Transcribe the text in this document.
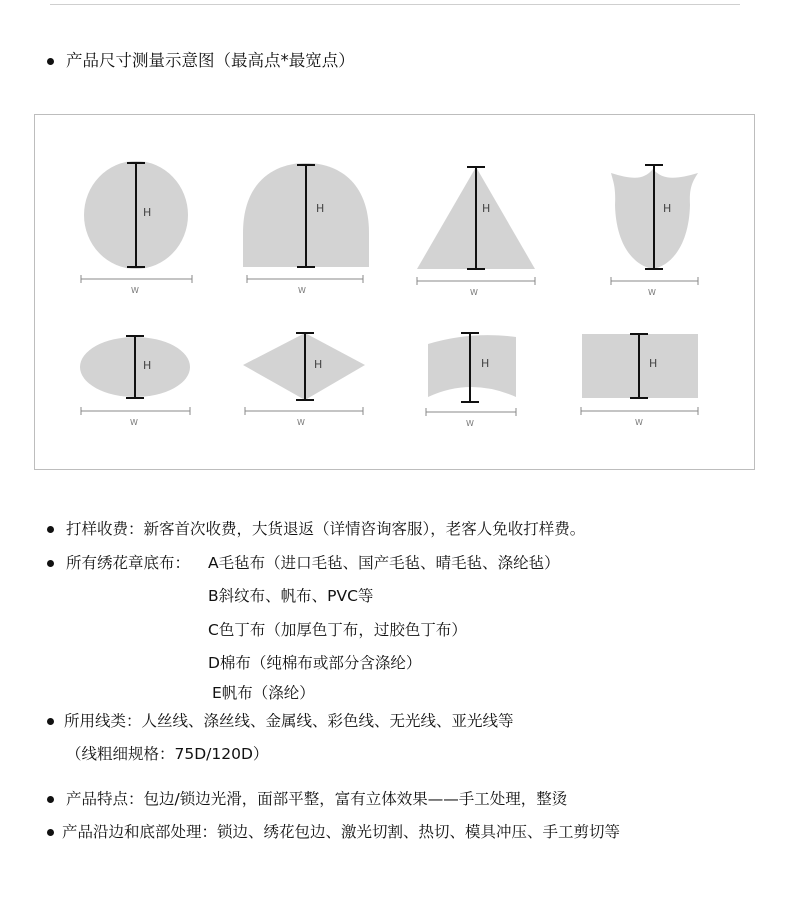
产品尺寸测量示意图（最高点*最宽点）
H
W
H
W
H
W
H
W
H
W
H
W
H
W
H
W
打样收费：新客首次收费，大货退返（详情咨询客服），老客人免收打样费。
所有绣花章底布： A毛毡布（进口毛毡、国产毛毡、晴毛毡、涤纶毡）
B斜纹布、帆布、PVC等
C色丁布（加厚色丁布，过胶色丁布）
D棉布（纯棉布或部分含涤纶）
E帆布（涤纶）
所用线类：人丝线、涤丝线、金属线、彩色线、无光线、亚光线等
（线粗细规格：75D/120D）
产品特点：包边/锁边光滑，面部平整，富有立体效果——手工处理，整烫
产品沿边和底部处理：锁边、绣花包边、激光切割、热切、模具冲压、手工剪切等
